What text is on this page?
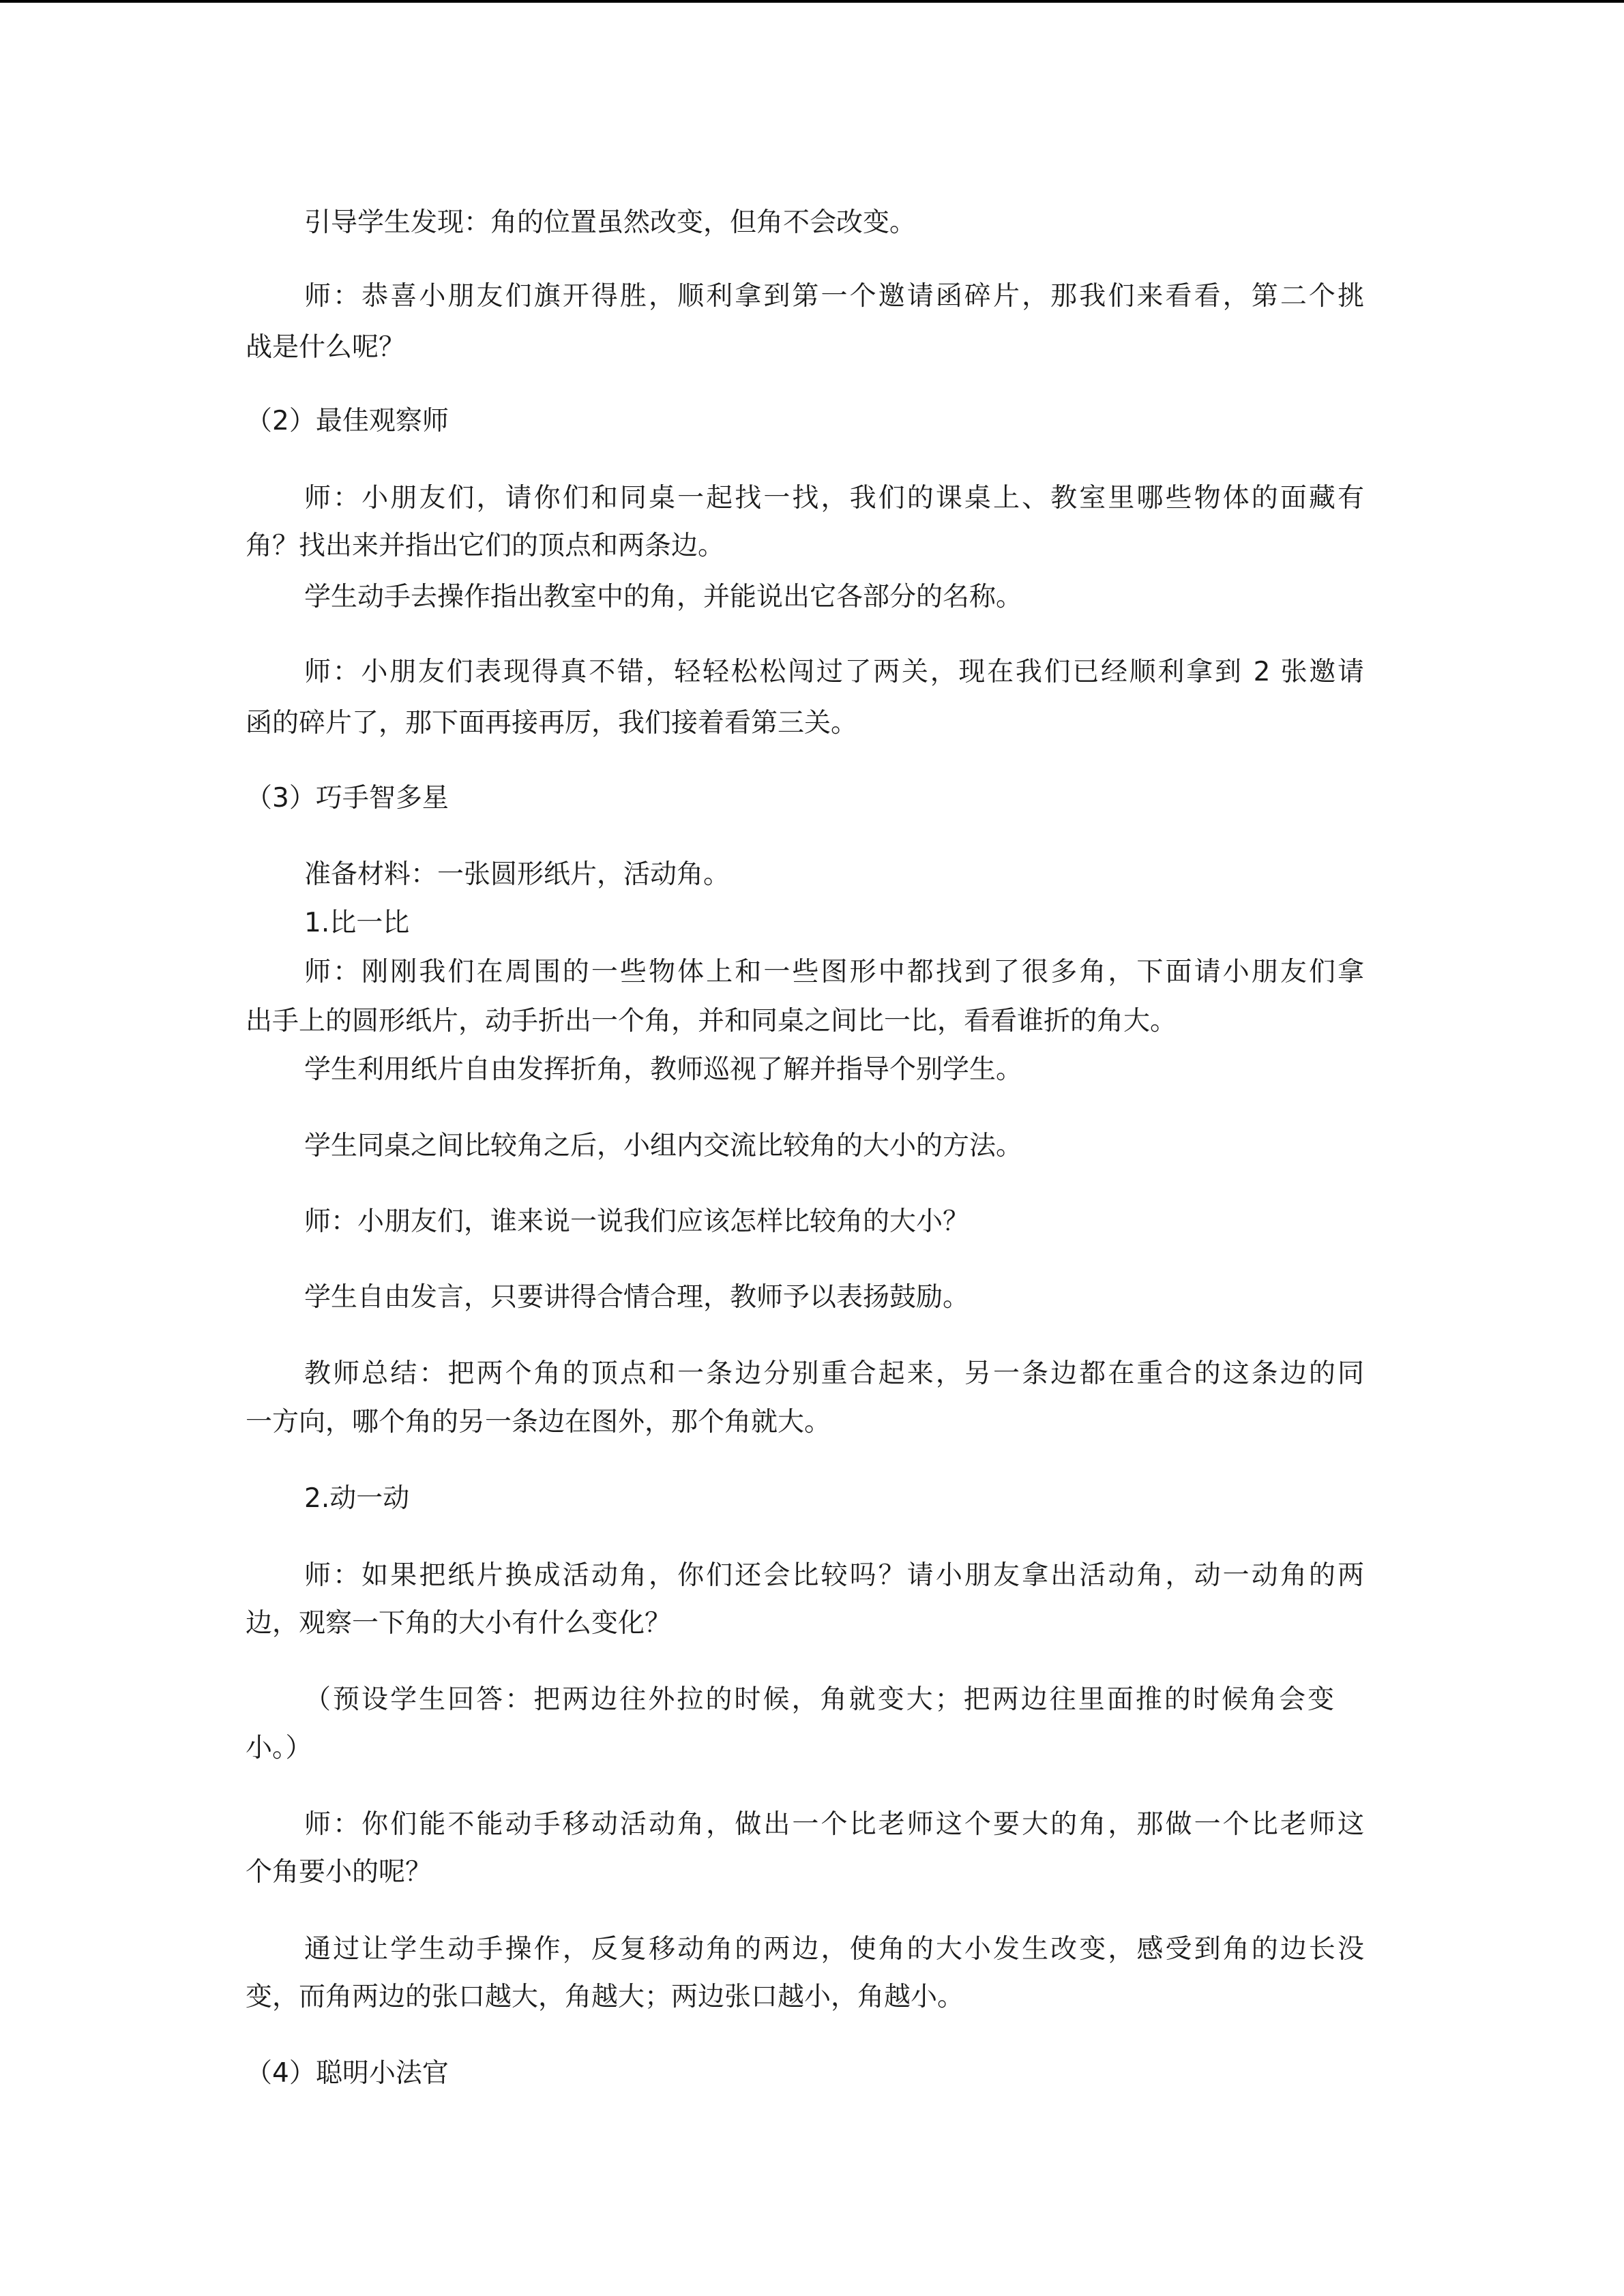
引导学生发现：角的位置虽然改变，但角不会改变。

师：恭喜小朋友们旗开得胜，顺利拿到第一个邀请函碎片，那我们来看看，第二个挑

战是什么呢？

（2）最佳观察师

师：小朋友们，请你们和同桌一起找一找，我们的课桌上、教室里哪些物体的面藏有

角？找出来并指出它们的顶点和两条边。

学生动手去操作指出教室中的角，并能说出它各部分的名称。

师：小朋友们表现得真不错，轻轻松松闯过了两关，现在我们已经顺利拿到 2 张邀请

函的碎片了，那下面再接再厉，我们接着看第三关。

（3）巧手智多星

准备材料：一张圆形纸片，活动角。

1.比一比

师：刚刚我们在周围的一些物体上和一些图形中都找到了很多角，下面请小朋友们拿

出手上的圆形纸片，动手折出一个角，并和同桌之间比一比，看看谁折的角大。

学生利用纸片自由发挥折角，教师巡视了解并指导个别学生。

学生同桌之间比较角之后，小组内交流比较角的大小的方法。

师：小朋友们，谁来说一说我们应该怎样比较角的大小？

学生自由发言，只要讲得合情合理，教师予以表扬鼓励。

教师总结：把两个角的顶点和一条边分别重合起来，另一条边都在重合的这条边的同

一方向，哪个角的另一条边在图外，那个角就大。

2.动一动

师：如果把纸片换成活动角，你们还会比较吗？请小朋友拿出活动角，动一动角的两

边，观察一下角的大小有什么变化？

（预设学生回答：把两边往外拉的时候，角就变大；把两边往里面推的时候角会变

小。）

师：你们能不能动手移动活动角，做出一个比老师这个要大的角，那做一个比老师这

个角要小的呢？

通过让学生动手操作，反复移动角的两边，使角的大小发生改变，感受到角的边长没

变，而角两边的张口越大，角越大；两边张口越小，角越小。

（4）聪明小法官
